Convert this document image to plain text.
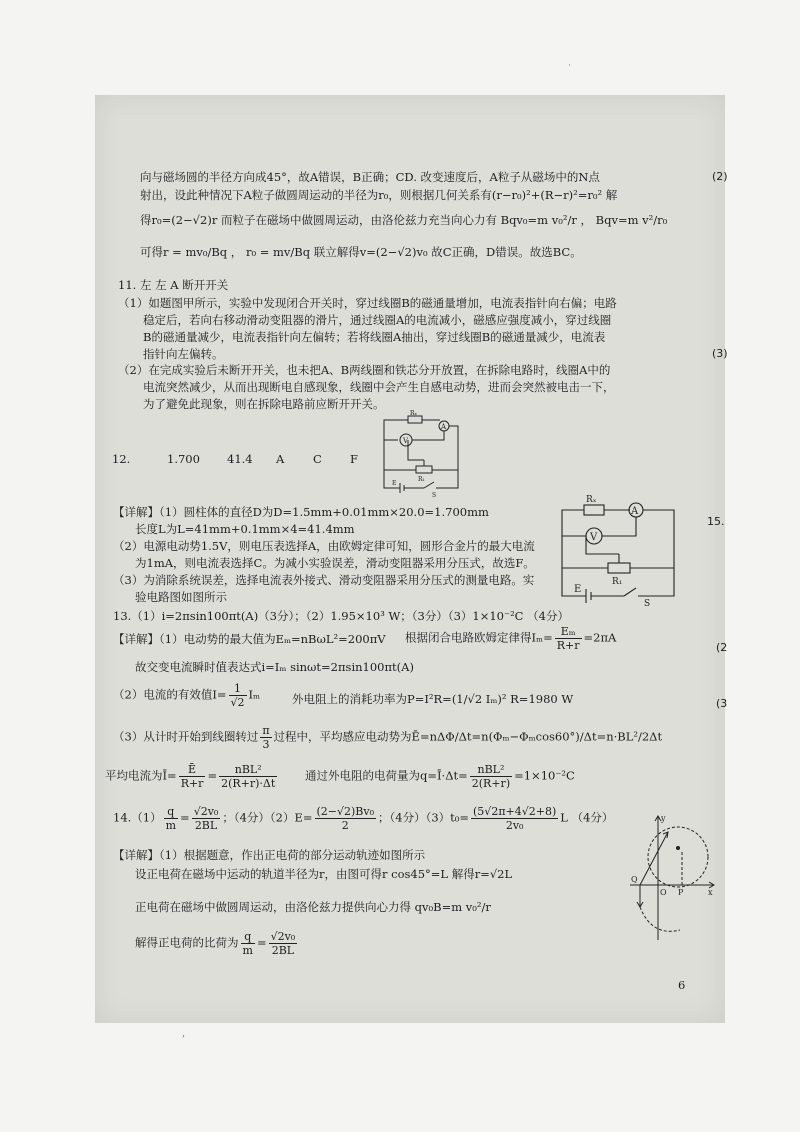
˙
,
(2)
(3)
15.
(2
(3
向与磁场圆的半径方向成45°，故A错误，B正确；CD. 改变速度后，A粒子从磁场中的N点
射出，设此种情况下A粒子做圆周运动的半径为r₀，则根据几何关系有(r−r₀)²+(R−r)²=r₀² 解
得r₀=(2−√2)r 而粒子在磁场中做圆周运动，由洛伦兹力充当向心力有 Bqv₀=m v₀²/r ， Bqv=m v²/r₀
可得r = mv₀/Bq ， r₀ = mv/Bq 联立解得v=(2−√2)v₀ 故C正确，D错误。故选BC。
11. 左 左 A 断开开关
（1）如题图甲所示，实验中发现闭合开关时，穿过线圈B的磁通量增加，电流表指针向右偏；电路
稳定后，若向右移动滑动变阻器的滑片，通过线圈A的电流减小，磁感应强度减小，穿过线圈
B的磁通量减少，电流表指针向左偏转；若将线圈A抽出，穿过线圈B的磁通量减少，电流表
指针向左偏转。
（2）在完成实验后未断开开关，也未把A、B两线圈和铁芯分开放置，在拆除电路时，线圈A中的
电流突然减少，从而出现断电自感现象，线圈中会产生自感电动势，进而会突然被电击一下，
为了避免此现象，则在拆除电路前应断开开关。
12.	1.700 41.4 A C F
Rₓ
V
A
R₁
E
S
【详解】（1）圆柱体的直径D为D=1.5mm+0.01mm×20.0=1.700mm
长度L为L=41mm+0.1mm×4=41.4mm
（2）电源电动势1.5V，则电压表选择A，由欧姆定律可知，圆形合金片的最大电流
为1mA，则电流表选择C。为减小实验误差，滑动变阻器采用分压式，故选F。
（3）为消除系统误差，选择电流表外接式、滑动变阻器采用分压式的测量电路。实
验电路图如图所示
Rₓ
V
A
R₁
E
S
13.（1）i=2πsin100πt(A)（3分）；（2）1.95×10³ W；（3分）（3）1×10⁻²C （4分）
【详解】（1）电动势的最大值为Eₘ=nBωL²=200πV 根据闭合电路欧姆定律得$I_m= \frac{\text{Eₘ}}{R+r} =2\pi A$
故交变电流瞬时值表达式i=Iₘ sinωt=2πsin100πt(A)
（2）电流的有效值$I= \frac{1}{√2}$ Iₘ	外电阻上的消耗功率为P=I²R=(1/√2 Iₘ)² R=1980 W
（3）从计时开始到线圈转过 $\frac{\pi}{3}$ 过程中，平均感应电动势为Ē=nΔΦ/Δt=n(Φₘ−Φₘcos60°)/Δt=n·BL²/2Δt
平均电流为Ī= $\frac{Ē}{R+r} = \frac{\text{nBL²}}{2(R+r)\cdot\Delta t}$ 通过外电阻的电荷量为q=Ī·Δt= $\frac{\text{nBL²}}{2(R+r)} =1\times 10^{-2}C$
$14.(1) \frac{q}{m} = \frac{\text{√2v₀}}{2BL}$ ；（4分）$(2)E= \frac{\text{(2−√2)Bv₀}}{2}$ ；（4分）$(3)t_0= \frac{(5√2\pi+4√2+8)}{\text{2v₀}}$ L （4分）
【详解】（1）根据题意，作出正电荷的部分运动轨迹如图所示
设正电荷在磁场中运动的轨道半径为r，由图可得r cos45°=L 解得r=√2L
正电荷在磁场中做圆周运动，由洛伦兹力提供向心力得 qv₀B=m v₀²/r
解得正电荷的比荷为 $\frac{q}{m} = \frac{\text{√2v₀}}{2BL}$
y
Q
O P	x
6
